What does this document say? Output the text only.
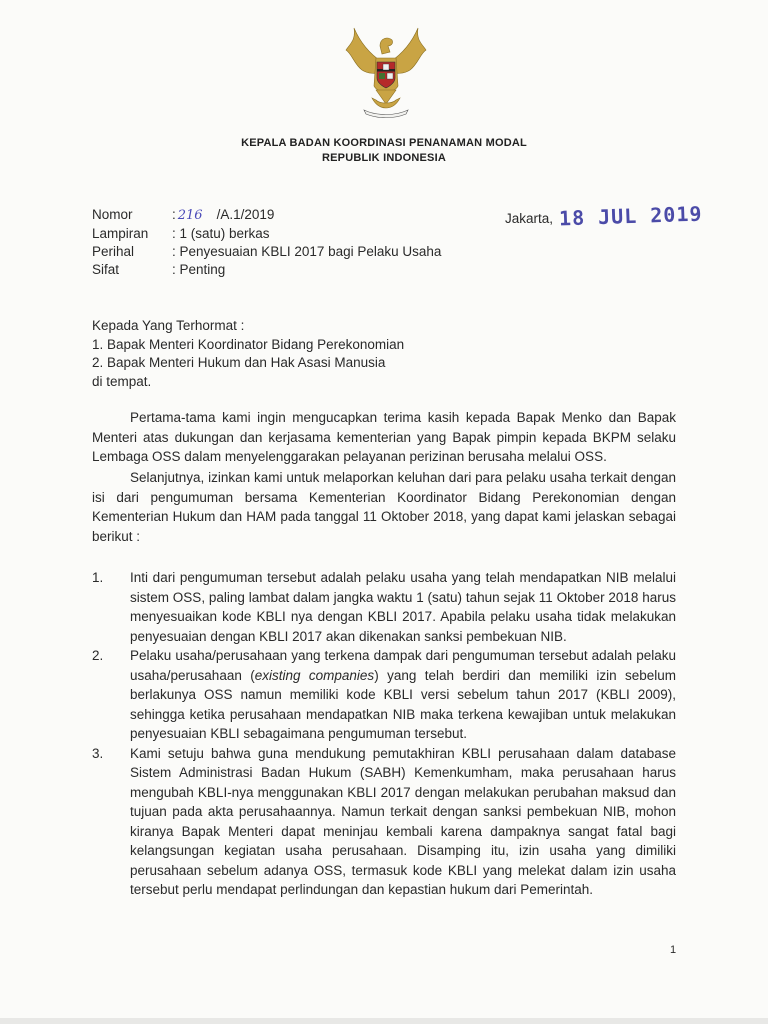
KEPALA BADAN KOORDINASI PENANAMAN MODAL
REPUBLIK INDONESIA
Nomor	: 216 /A.1/2019
Lampiran	: 1 (satu) berkas
Perihal	: Penyesuaian KBLI 2017 bagi Pelaku Usaha
Sifat	: Penting
Jakarta, 18 JUL 2019
Kepada Yang Terhormat :
1. Bapak Menteri Koordinator Bidang Perekonomian
2. Bapak Menteri Hukum dan Hak Asasi Manusia
di tempat.
Pertama-tama kami ingin mengucapkan terima kasih kepada Bapak Menko dan Bapak Menteri atas dukungan dan kerjasama kementerian yang Bapak pimpin kepada BKPM selaku Lembaga OSS dalam menyelenggarakan pelayanan perizinan berusaha melalui OSS.
Selanjutnya, izinkan kami untuk melaporkan keluhan dari para pelaku usaha terkait dengan isi dari pengumuman bersama Kementerian Koordinator Bidang Perekonomian dengan Kementerian Hukum dan HAM pada tanggal 11 Oktober 2018, yang dapat kami jelaskan sebagai berikut :
1.	Inti dari pengumuman tersebut adalah pelaku usaha yang telah mendapatkan NIB melalui sistem OSS, paling lambat dalam jangka waktu 1 (satu) tahun sejak 11 Oktober 2018 harus menyesuaikan kode KBLI nya dengan KBLI 2017. Apabila pelaku usaha tidak melakukan penyesuaian dengan KBLI 2017 akan dikenakan sanksi pembekuan NIB.
2.	Pelaku usaha/perusahaan yang terkena dampak dari pengumuman tersebut adalah pelaku usaha/perusahaan (existing companies) yang telah berdiri dan memiliki izin sebelum berlakunya OSS namun memiliki kode KBLI versi sebelum tahun 2017 (KBLI 2009), sehingga ketika perusahaan mendapatkan NIB maka terkena kewajiban untuk melakukan penyesuaian KBLI sebagaimana pengumuman tersebut.
3.	Kami setuju bahwa guna mendukung pemutakhiran KBLI perusahaan dalam database Sistem Administrasi Badan Hukum (SABH) Kemenkumham, maka perusahaan harus mengubah KBLI-nya menggunakan KBLI 2017 dengan melakukan perubahan maksud dan tujuan pada akta perusahaannya. Namun terkait dengan sanksi pembekuan NIB, mohon kiranya Bapak Menteri dapat meninjau kembali karena dampaknya sangat fatal bagi kelangsungan kegiatan usaha perusahaan. Disamping itu, izin usaha yang dimiliki perusahaan sebelum adanya OSS, termasuk kode KBLI yang melekat dalam izin usaha tersebut perlu mendapat perlindungan dan kepastian hukum dari Pemerintah.
1
